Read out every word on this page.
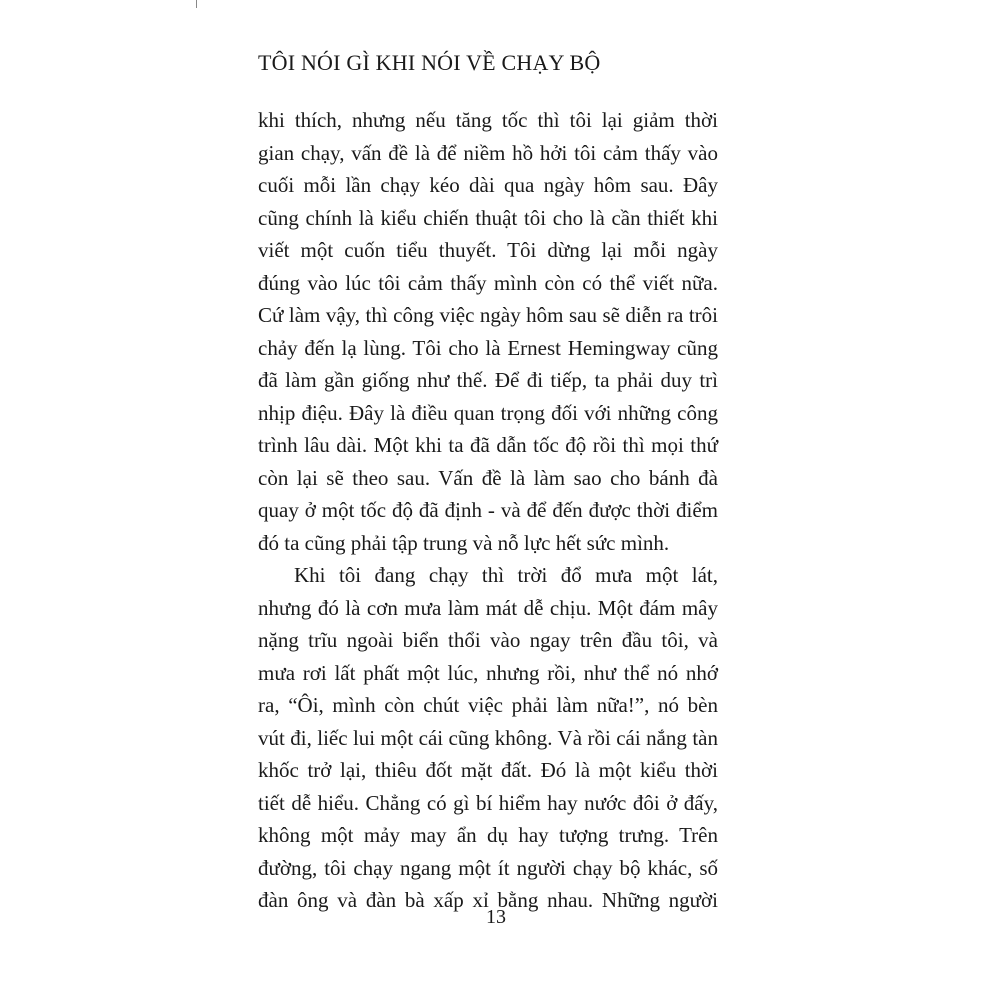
TÔI NÓI GÌ KHI NÓI VỀ CHẠY BỘ
khi thích, nhưng nếu tăng tốc thì tôi lại giảm thời
gian chạy, vấn đề là để niềm hồ hởi tôi cảm thấy vào
cuối mỗi lần chạy kéo dài qua ngày hôm sau. Đây
cũng chính là kiểu chiến thuật tôi cho là cần thiết khi
viết một cuốn tiểu thuyết. Tôi dừng lại mỗi ngày
đúng vào lúc tôi cảm thấy mình còn có thể viết nữa.
Cứ làm vậy, thì công việc ngày hôm sau sẽ diễn ra trôi
chảy đến lạ lùng. Tôi cho là Ernest Hemingway cũng
đã làm gần giống như thế. Để đi tiếp, ta phải duy trì
nhịp điệu. Đây là điều quan trọng đối với những công
trình lâu dài. Một khi ta đã dẫn tốc độ rồi thì mọi thứ
còn lại sẽ theo sau. Vấn đề là làm sao cho bánh đà
quay ở một tốc độ đã định - và để đến được thời điểm
đó ta cũng phải tập trung và nỗ lực hết sức mình.
Khi tôi đang chạy thì trời đổ mưa một lát,
nhưng đó là cơn mưa làm mát dễ chịu. Một đám mây
nặng trĩu ngoài biển thổi vào ngay trên đầu tôi, và
mưa rơi lất phất một lúc, nhưng rồi, như thể nó nhớ
ra, “Ôi, mình còn chút việc phải làm nữa!”, nó bèn
vút đi, liếc lui một cái cũng không. Và rồi cái nắng tàn
khốc trở lại, thiêu đốt mặt đất. Đó là một kiểu thời
tiết dễ hiểu. Chẳng có gì bí hiểm hay nước đôi ở đấy,
không một mảy may ẩn dụ hay tượng trưng. Trên
đường, tôi chạy ngang một ít người chạy bộ khác, số
đàn ông và đàn bà xấp xỉ bằng nhau. Những người
13
